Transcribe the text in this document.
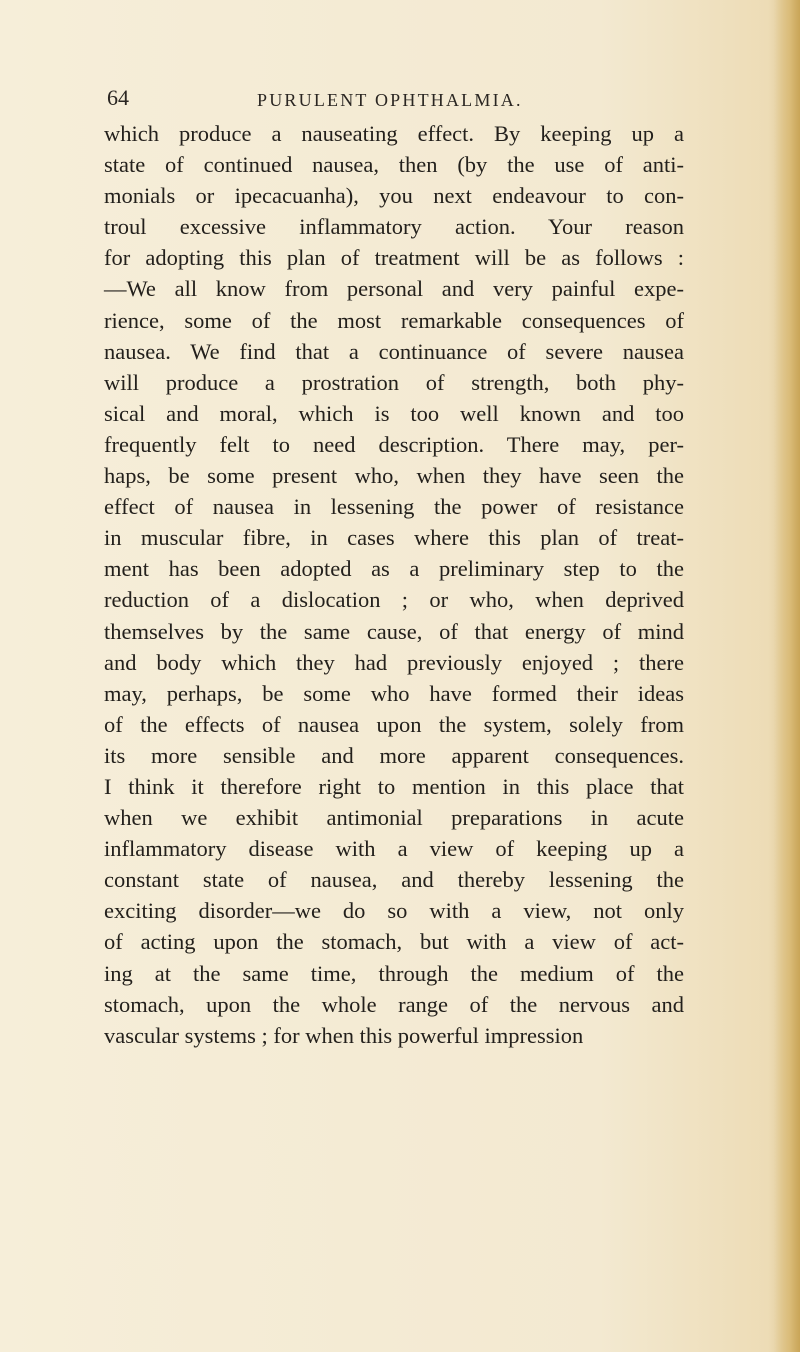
64	PURULENT OPHTHALMIA.
which produce a nauseating effect. By keeping up a
state of continued nausea, then (by the use of anti-
monials or ipecacuanha), you next endeavour to con-
troul excessive inflammatory action. Your reason
for adopting this plan of treatment will be as follows :
—We all know from personal and very painful expe-
rience, some of the most remarkable consequences of
nausea. We find that a continuance of severe nausea
will produce a prostration of strength, both phy-
sical and moral, which is too well known and too
frequently felt to need description. There may, per-
haps, be some present who, when they have seen the
effect of nausea in lessening the power of resistance
in muscular fibre, in cases where this plan of treat-
ment has been adopted as a preliminary step to the
reduction of a dislocation ; or who, when deprived
themselves by the same cause, of that energy of mind
and body which they had previously enjoyed ; there
may, perhaps, be some who have formed their ideas
of the effects of nausea upon the system, solely from
its more sensible and more apparent consequences.
I think it therefore right to mention in this place that
when we exhibit antimonial preparations in acute
inflammatory disease with a view of keeping up a
constant state of nausea, and thereby lessening the
exciting disorder—we do so with a view, not only
of acting upon the stomach, but with a view of act-
ing at the same time, through the medium of the
stomach, upon the whole range of the nervous and
vascular systems ; for when this powerful impression
